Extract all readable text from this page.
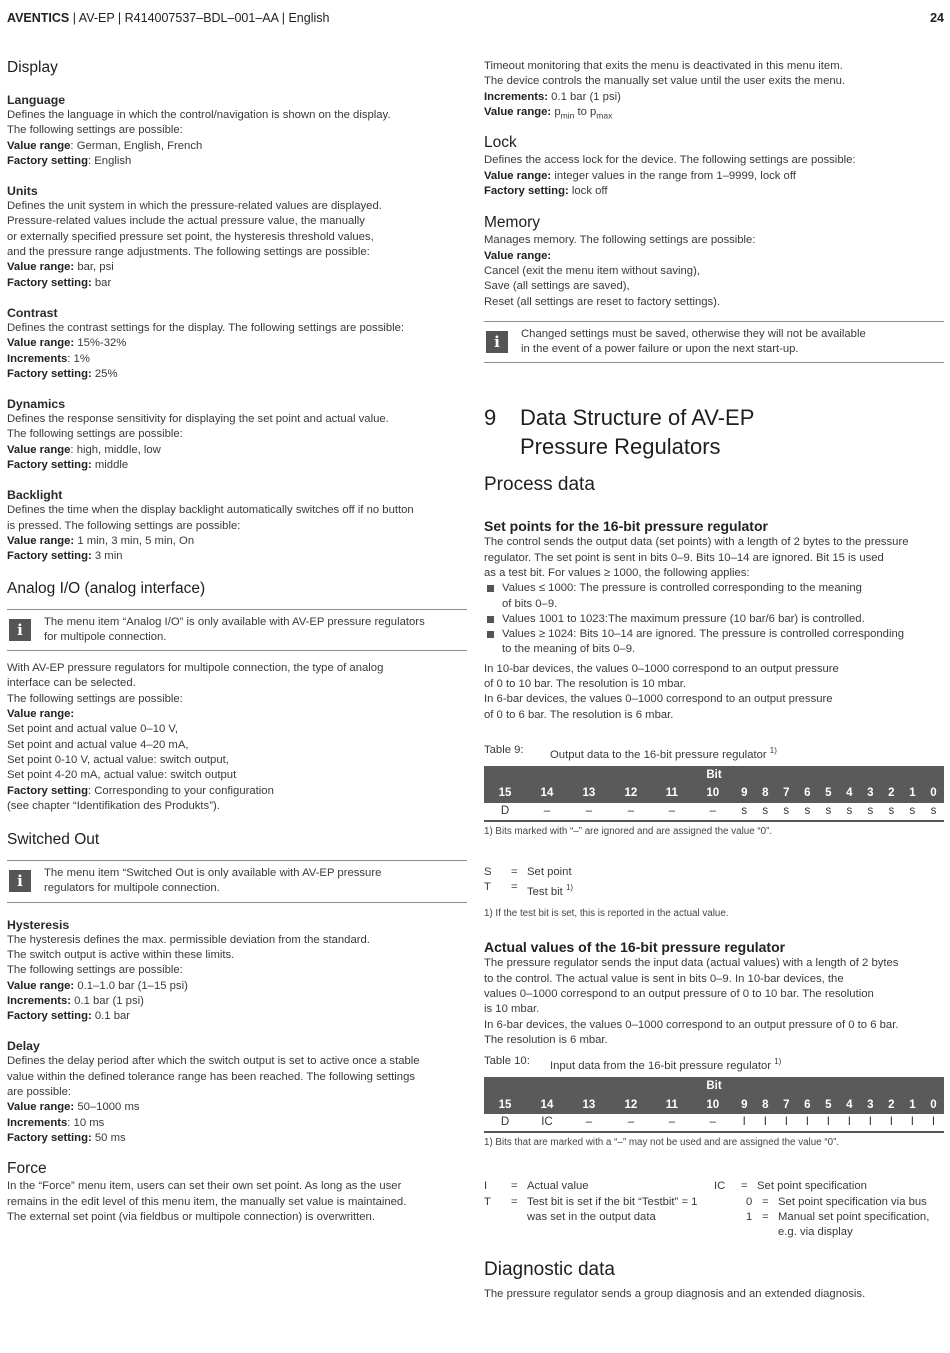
AVENTICS | AV-EP | R414007537–BDL–001–AA | English	24
Display
Language

Defines the language in which the control/navigation is shown on the display.

The following settings are possible:

Value range: German, English, French

Factory setting: English

Units

Defines the unit system in which the pressure-related values are displayed.

Pressure-related values include the actual pressure value, the manually

or externally specified pressure set point, the hysteresis threshold values,

and the pressure range adjustments. The following settings are possible:

Value range: bar, psi

Factory setting: bar

Contrast

Defines the contrast settings for the display. The following settings are possible:

Value range: 15%-32%

Increments: 1%

Factory setting: 25%

Dynamics

Defines the response sensitivity for displaying the set point and actual value.

The following settings are possible:

Value range: high, middle, low

Factory setting: middle

Backlight

Defines the time when the display backlight automatically switches off if no button

is pressed. The following settings are possible:

Value range: 1 min, 3 min, 5 min, On

Factory setting: 3 min

Analog I/O (analog interface)
i	The menu item “Analog I/O” is only available with AV-EP pressure regulators

for multipole connection.

With AV-EP pressure regulators for multipole connection, the type of analog

interface can be selected.

The following settings are possible:

Value range:

Set point and actual value 0–10 V,

Set point and actual value 4–20 mA,

Set point 0-10 V, actual value: switch output,

Set point 4-20 mA, actual value: switch output

Factory setting: Corresponding to your configuration

(see chapter “Identifikation des Produkts”).

Switched Out
i	The menu item “Switched Out is only available with AV-EP pressure

regulators for multipole connection.

Hysteresis

The hysteresis defines the max. permissible deviation from the standard.

The switch output is active within these limits.

The following settings are possible:

Value range: 0.1–1.0 bar (1–15 psi)

Increments: 0.1 bar (1 psi)

Factory setting: 0.1 bar

Delay

Defines the delay period after which the switch output is set to active once a stable

value within the defined tolerance range has been reached. The following settings

are possible:

Value range: 50–1000 ms

Increments: 10 ms

Factory setting: 50 ms

Force

In the “Force” menu item, users can set their own set point. As long as the user

remains in the edit level of this menu item, the manually set value is maintained.

The external set point (via fieldbus or multipole connection) is overwritten.

Timeout monitoring that exits the menu is deactivated in this menu item.

The device controls the manually set value until the user exits the menu.

Increments: 0.1 bar (1 psi)

Value range: $p_{min}$ to $p_{max}$

Lock

Defines the access lock for the device. The following settings are possible:

Value range: integer values in the range from 1–9999, lock off

Factory setting: lock off

Memory

Manages memory. The following settings are possible:

Value range:

Cancel (exit the menu item without saving),

Save (all settings are saved),

Reset (all settings are reset to factory settings).

i	Changed settings must be saved, otherwise they will not be available

in the event of a power failure or upon the next start-up.

9	Data Structure of AV-EP
Pressure Regulators
Process data
Set points for the 16-bit pressure regulator

The control sends the output data (set points) with a length of 2 bytes to the pressure

regulator. The set point is sent in bits 0–9. Bits 10–14 are ignored. Bit 15 is used

as a test bit. For values ≥ 1000, the following applies:

Values ≤ 1000: The pressure is controlled corresponding to the meaning
of bits 0–9.
Values 1001 to 1023:The maximum pressure (10 bar/6 bar) is controlled.
Values ≥ 1024: Bits 10–14 are ignored. The pressure is controlled corresponding
to the meaning of bits 0–9.

In 10-bar devices, the values 0–1000 correspond to an output pressure

of 0 to 10 bar. The resolution is 10 mbar.

In 6-bar devices, the values 0–1000 correspond to an output pressure

of 0 to 6 bar. The resolution is 6 mbar.

Table 9:	Output data to the 16-bit pressure regulator $^{1)}$
Bit															
15	14	13	12	11	10	9	8	7	6	5	4	3	2	1	0
D	–	–	–	–	–	s	s	s	s	s	s	s	s	s	s

1) Bits marked with “–” are ignored and are assigned the value “0”.

S	= Set point
T	= Test bit $^{1)}$

1) If the test bit is set, this is reported in the actual value.

Actual values of the 16-bit pressure regulator

The pressure regulator sends the input data (actual values) with a length of 2 bytes

to the control. The actual value is sent in bits 0–9. In 10-bar devices, the

values 0–1000 correspond to an output pressure of 0 to 10 bar. The resolution

is 10 mbar.

In 6-bar devices, the values 0–1000 correspond to an output pressure of 0 to 6 bar.

The resolution is 6 mbar.

Table 10:	Input data from the 16-bit pressure regulator $^{1)}$
Bit															
15	14	13	12	11	10	9	8	7	6	5	4	3	2	1	0
D	IC	–	–	–	–	I	I	I	I	I	I	I	I	I	I

1) Bits that are marked with a “–” may not be used and are assigned the value “0”.

I	= Actual value
T	= Test bit is set if the bit “Testbit” = 1 was set in the output data
IC	= Set point specification
0 = Set point specification via bus
1 = Manual set point specification, e.g. via display
Diagnostic data

The pressure regulator sends a group diagnosis and an extended diagnosis.
